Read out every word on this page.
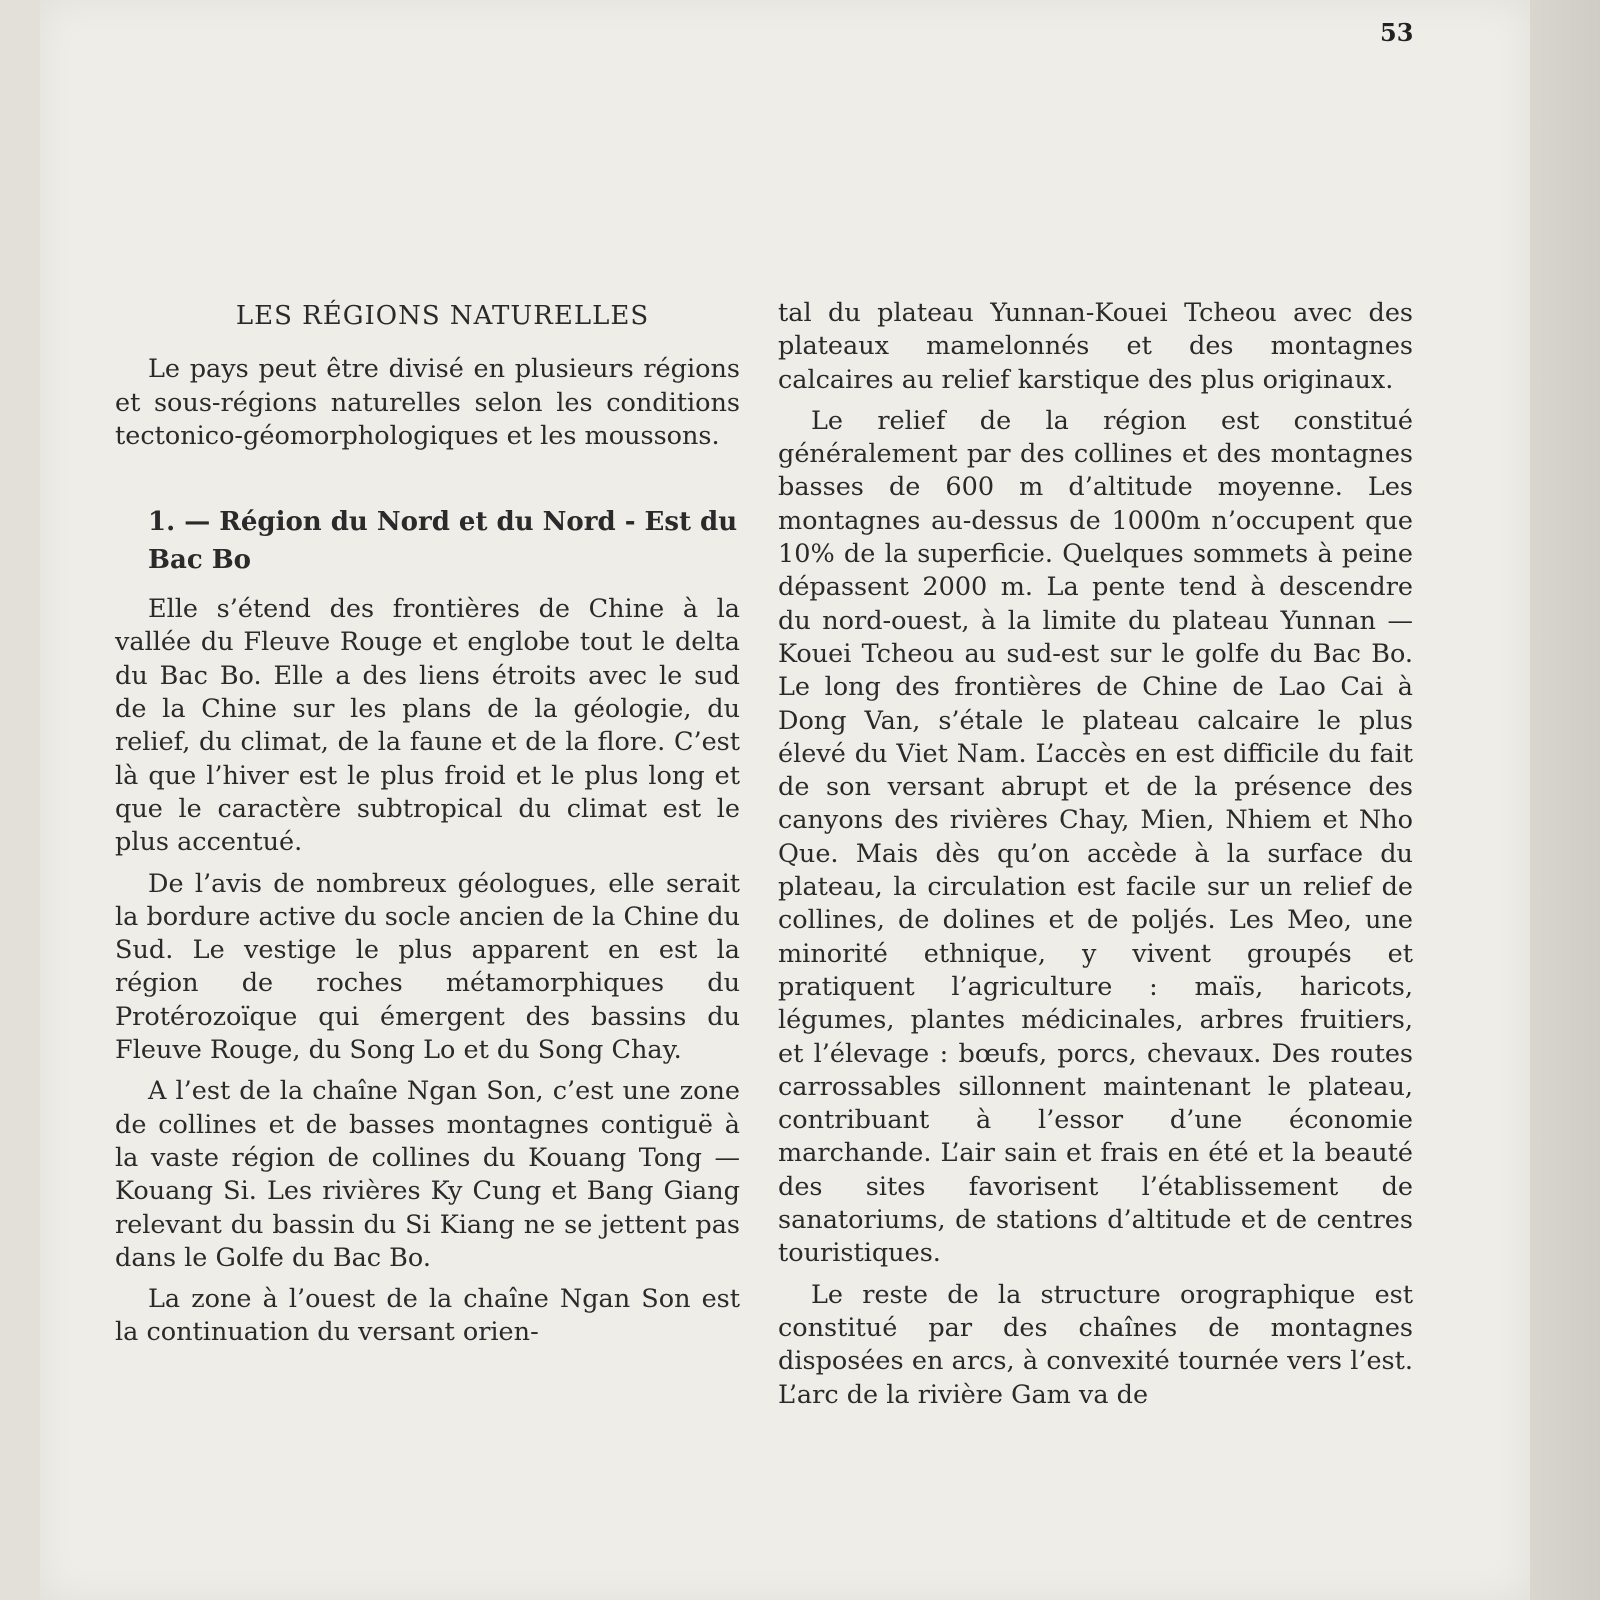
53
LES RÉGIONS NATURELLES

Le pays peut être divisé en plusieurs régions et sous-régions naturelles selon les conditions tectonico-géomorphologiques et les moussons.

1. — Région du Nord et du Nord - Est du Bac Bo

Elle s’étend des frontières de Chine à la vallée du Fleuve Rouge et englobe tout le delta du Bac Bo. Elle a des liens étroits avec le sud de la Chine sur les plans de la géologie, du relief, du climat, de la faune et de la flore. C’est là que l’hiver est le plus froid et le plus long et que le caractère subtropical du climat est le plus accentué.

De l’avis de nombreux géologues, elle serait la bordure active du socle ancien de la Chine du Sud. Le vestige le plus apparent en est la région de roches métamorphiques du Protérozoïque qui émergent des bassins du Fleuve Rouge, du Song Lo et du Song Chay.

A l’est de la chaîne Ngan Son, c’est une zone de collines et de basses montagnes contiguë à la vaste région de collines du Kouang Tong — Kouang Si. Les rivières Ky Cung et Bang Giang relevant du bassin du Si Kiang ne se jettent pas dans le Golfe du Bac Bo.

La zone à l’ouest de la chaîne Ngan Son est la continuation du versant orien-

tal du plateau Yunnan-Kouei Tcheou avec des plateaux mamelonnés et des montagnes calcaires au relief karstique des plus originaux.

Le relief de la région est constitué généralement par des collines et des montagnes basses de 600 m d’altitude moyenne. Les montagnes au-dessus de 1000m n’occupent que 10% de la superficie. Quelques sommets à peine dépassent 2000 m. La pente tend à descendre du nord-ouest, à la limite du plateau Yunnan — Kouei Tcheou au sud-est sur le golfe du Bac Bo. Le long des frontières de Chine de Lao Cai à Dong Van, s’étale le plateau calcaire le plus élevé du Viet Nam. L’accès en est difficile du fait de son versant abrupt et de la présence des canyons des rivières Chay, Mien, Nhiem et Nho Que. Mais dès qu’on accède à la surface du plateau, la circulation est facile sur un relief de collines, de dolines et de poljés. Les Meo, une minorité ethnique, y vivent groupés et pratiquent l’agriculture : maïs, haricots, légumes, plantes médicinales, arbres fruitiers, et l’élevage : bœufs, porcs, chevaux. Des routes carrossables sillonnent maintenant le plateau, contribuant à l’essor d’une économie marchande. L’air sain et frais en été et la beauté des sites favorisent l’établissement de sanatoriums, de stations d’altitude et de centres touristiques.

Le reste de la structure orographique est constitué par des chaînes de montagnes disposées en arcs, à convexité tournée vers l’est. L’arc de la rivière Gam va de
